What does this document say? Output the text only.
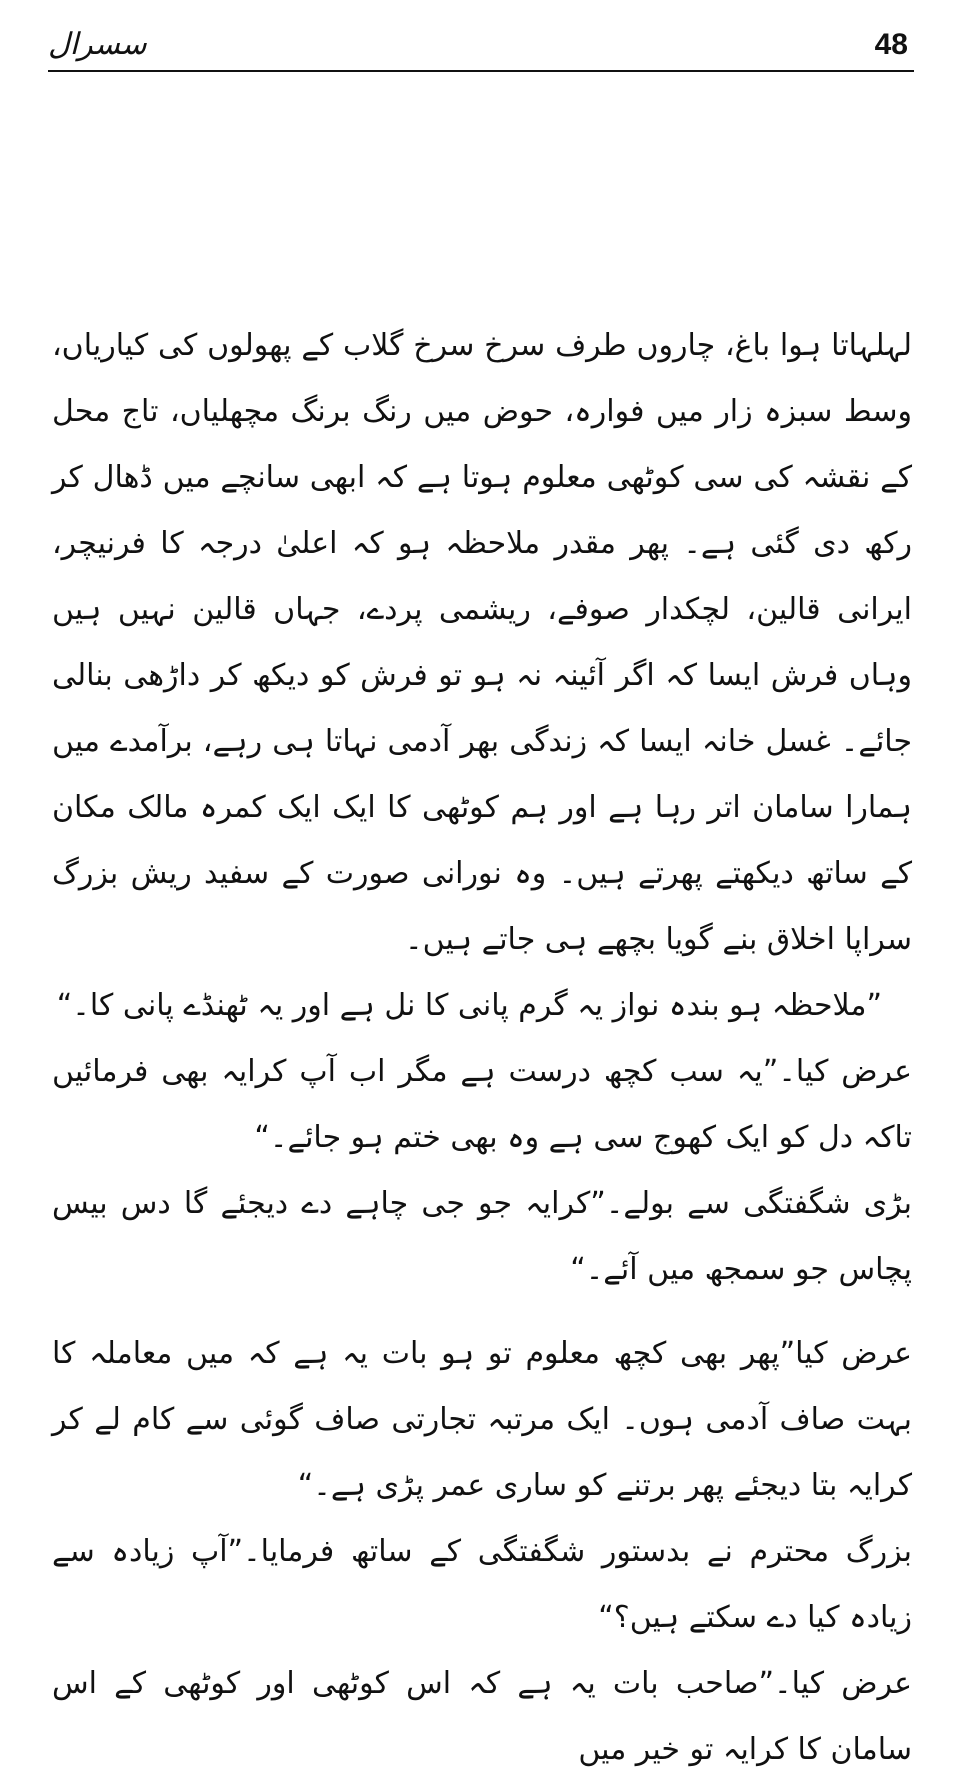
سسرال	48

لہلہاتا ہوا باغ، چاروں طرف سرخ سرخ گلاب کے پھولوں کی کیاریاں، وسط سبزہ زار میں فوارہ، حوض میں رنگ برنگ مچھلیاں، تاج محل کے نقشہ کی سی کوٹھی معلوم ہوتا ہے کہ ابھی سانچے میں ڈھال کر رکھ دی گئی ہے۔ پھر مقدر ملاحظہ ہو کہ اعلیٰ درجہ کا فرنیچر، ایرانی قالین، لچکدار صوفے، ریشمی پردے، جہاں قالین نہیں ہیں وہاں فرش ایسا کہ اگر آئینہ نہ ہو تو فرش کو دیکھ کر داڑھی بنالی جائے۔ غسل خانہ ایسا کہ زندگی بھر آدمی نہاتا ہی رہے، برآمدے میں ہمارا سامان اتر رہا ہے اور ہم کوٹھی کا ایک ایک کمرہ مالک مکان کے ساتھ دیکھتے پھرتے ہیں۔ وہ نورانی صورت کے سفید ریش بزرگ سراپا اخلاق بنے گویا بچھے ہی جاتے ہیں۔

”ملاحظہ ہو بندہ نواز یہ گرم پانی کا نل ہے اور یہ ٹھنڈے پانی کا۔“

عرض کیا۔”یہ سب کچھ درست ہے مگر اب آپ کرایہ بھی فرمائیں تاکہ دل کو ایک کھوج سی ہے وہ بھی ختم ہو جائے۔“

بڑی شگفتگی سے بولے۔”کرایہ جو جی چاہے دے دیجئے گا دس بیس پچاس جو سمجھ میں آئے۔“

عرض کیا”پھر بھی کچھ معلوم تو ہو بات یہ ہے کہ میں معاملہ کا بہت صاف آدمی ہوں۔ ایک مرتبہ تجارتی صاف گوئی سے کام لے کر کرایہ بتا دیجئے پھر برتنے کو ساری عمر پڑی ہے۔“

بزرگ محترم نے بدستور شگفتگی کے ساتھ فرمایا۔”آپ زیادہ سے زیادہ کیا دے سکتے ہیں؟“

عرض کیا۔”صاحب بات یہ ہے کہ اس کوٹھی اور کوٹھی کے اس سامان کا کرایہ تو خیر میں
